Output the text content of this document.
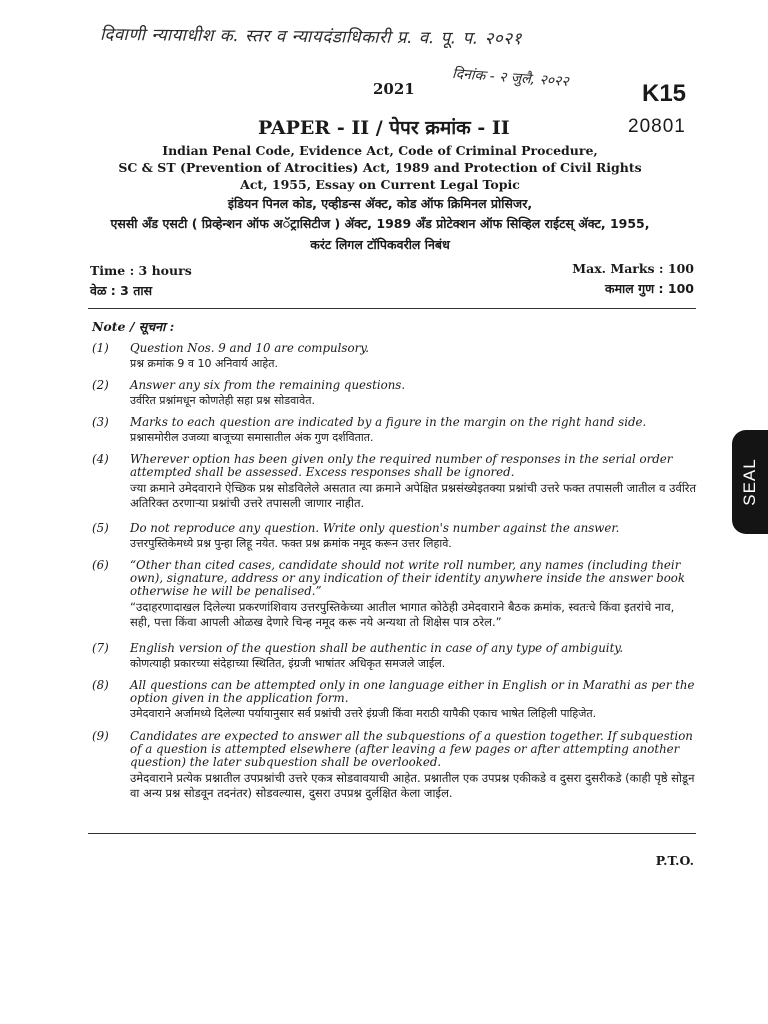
दिवाणी न्यायाधीश क. स्तर व न्यायदंडाधिकारी प्र. व. पू. प. २०२१
दिनांक - २ जुलै, २०२२
2021	K15
PAPER - II / पेपर क्रमांक - II	20801
Indian Penal Code, Evidence Act, Code of Criminal Procedure,
SC & ST (Prevention of Atrocities) Act, 1989 and Protection of Civil Rights
Act, 1955, Essay on Current Legal Topic
इंडियन पिनल कोड, एव्हीडन्स ॲक्ट, कोड ऑफ क्रिमिनल प्रोसिजर,
एससी अँड एसटी ( प्रिव्हेन्शन ऑफ अॅट्रासिटीज ) ॲक्ट, 1989 अँड प्रोटेक्शन ऑफ सिव्हिल राईटस् ॲक्ट, 1955,
करंट लिगल टॉपिकवरील निबंध
Time : 3 hours
वेळ : 3 तास
Max. Marks : 100
कमाल गुण : 100
Note / सूचना :
(1) Question Nos. 9 and 10 are compulsory.
प्रश्न क्रमांक 9 व 10 अनिवार्य आहेत.
(2) Answer any six from the remaining questions.
उर्वरित प्रश्नांमधून कोणतेही सहा प्रश्न सोडवावेत.
(3) Marks to each question are indicated by a figure in the margin on the right hand side.
प्रश्नासमोरील उजव्या बाजूच्या समासातील अंक गुण दर्शवितात.
(4) Wherever option has been given only the required number of responses in the serial order attempted shall be assessed. Excess responses shall be ignored.
ज्या क्रमाने उमेदवाराने ऐच्छिक प्रश्न सोडविलेले असतात त्या क्रमाने अपेक्षित प्रश्नसंख्येइतक्या प्रश्नांची उत्तरे फक्त तपासली जातील व उर्वरित अतिरिक्त ठरणाऱ्या प्रश्नांची उत्तरे तपासली जाणार नाहीत.
(5) Do not reproduce any question. Write only question's number against the answer.
उत्तरपुस्तिकेमध्ये प्रश्न पुन्हा लिहू नयेत. फक्त प्रश्न क्रमांक नमूद करून उत्तर लिहावे.
(6) “Other than cited cases, candidate should not write roll number, any names (including their own), signature, address or any indication of their identity anywhere inside the answer book otherwise he will be penalised.”
“उदाहरणादाखल दिलेल्या प्रकरणांशिवाय उत्तरपुस्तिकेच्या आतील भागात कोठेही उमेदवाराने बैठक क्रमांक, स्वतःचे किंवा इतरांचे नाव, सही, पत्ता किंवा आपली ओळख देणारे चिन्ह नमूद करू नये अन्यथा तो शिक्षेस पात्र ठरेल.”
(7) English version of the question shall be authentic in case of any type of ambiguity.
कोणत्याही प्रकारच्या संदेहाच्या स्थितित, इंग्रजी भाषांतर अधिकृत समजले जाईल.
(8) All questions can be attempted only in one language either in English or in Marathi as per the option given in the application form.
उमेदवाराने अर्जामध्ये दिलेल्या पर्यायानुसार सर्व प्रश्नांची उत्तरे इंग्रजी किंवा मराठी यापैकी एकाच भाषेत लिहिली पाहिजेत.
(9) Candidates are expected to answer all the subquestions of a question together. If subquestion of a question is attempted elsewhere (after leaving a few pages or after attempting another question) the later subquestion shall be overlooked.
उमेदवाराने प्रत्येक प्रश्नातील उपप्रश्नांची उत्तरे एकत्र सोडवावयाची आहेत. प्रश्नातील एक उपप्रश्न एकीकडे व दुसरा दुसरीकडे (काही पृष्ठे सोडून वा अन्य प्रश्न सोडवून तदनंतर) सोडवल्यास, दुसरा उपप्रश्न दुर्लक्षित केला जाईल.
P.T.O.
SEAL
